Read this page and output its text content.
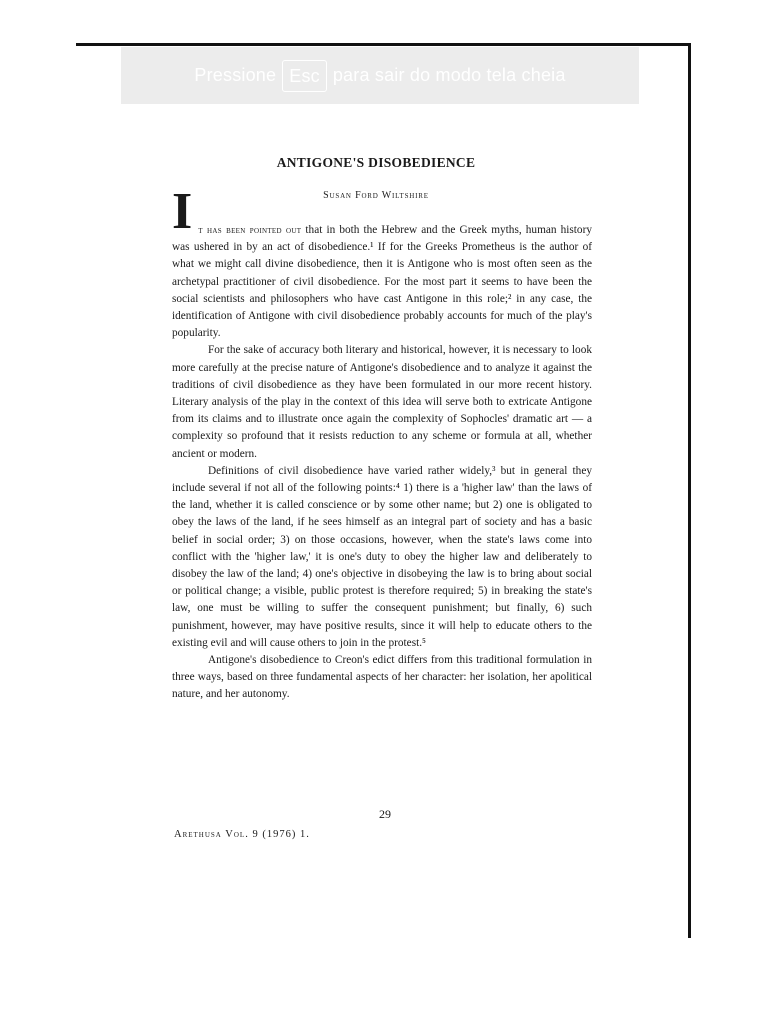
Pressione Esc para sair do modo tela cheia
ANTIGONE'S DISOBEDIENCE
Susan Ford Wiltshire

It has been pointed out that in both the Hebrew and the Greek myths, human history was ushered in by an act of disobedience.¹ If for the Greeks Prometheus is the author of what we might call divine disobedience, then it is Antigone who is most often seen as the archetypal practitioner of civil disobedience. For the most part it seems to have been the social scientists and philosophers who have cast Antigone in this role;² in any case, the identification of Antigone with civil disobedience probably accounts for much of the play's popularity.

For the sake of accuracy both literary and historical, however, it is necessary to look more carefully at the precise nature of Antigone's disobedience and to analyze it against the traditions of civil disobedience as they have been formulated in our more recent history. Literary analysis of the play in the context of this idea will serve both to extricate Antigone from its claims and to illustrate once again the complexity of Sophocles' dramatic art — a complexity so profound that it resists reduction to any scheme or formula at all, whether ancient or modern.

Definitions of civil disobedience have varied rather widely,³ but in general they include several if not all of the following points:⁴ 1) there is a 'higher law' than the laws of the land, whether it is called conscience or by some other name; but 2) one is obligated to obey the laws of the land, if he sees himself as an integral part of society and has a basic belief in social order; 3) on those occasions, however, when the state's laws come into conflict with the 'higher law,' it is one's duty to obey the higher law and deliberately to disobey the law of the land; 4) one's objective in disobeying the law is to bring about social or political change; a visible, public protest is therefore required; 5) in breaking the state's law, one must be willing to suffer the consequent punishment; but finally, 6) such punishment, however, may have positive results, since it will help to educate others to the existing evil and will cause others to join in the protest.⁵

Antigone's disobedience to Creon's edict differs from this traditional formulation in three ways, based on three fundamental aspects of her character: her isolation, her apolitical nature, and her autonomy.

29
Arethusa Vol. 9 (1976) 1.
